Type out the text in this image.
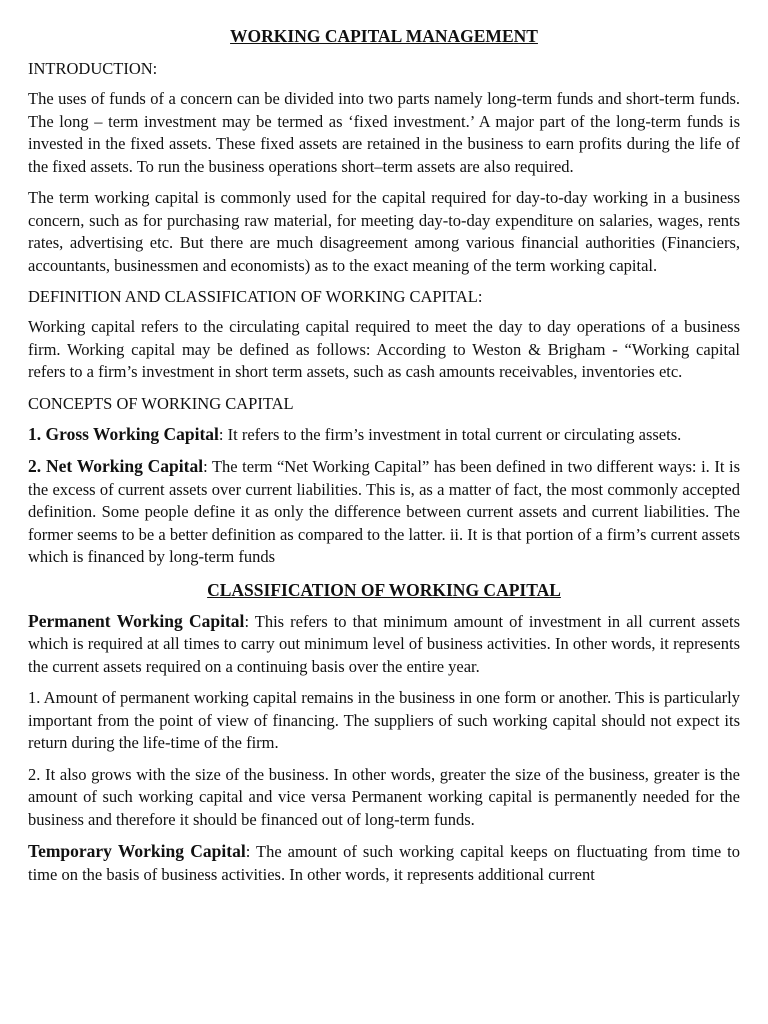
WORKING CAPITAL MANAGEMENT
INTRODUCTION:

The uses of funds of a concern can be divided into two parts namely long-term funds and short-term funds. The long – term investment may be termed as ‘fixed investment.’ A major part of the long-term funds is invested in the fixed assets. These fixed assets are retained in the business to earn profits during the life of the fixed assets. To run the business operations short–term assets are also required.

The term working capital is commonly used for the capital required for day-to-day working in a business concern, such as for purchasing raw material, for meeting day-to-day expenditure on salaries, wages, rents rates, advertising etc. But there are much disagreement among various financial authorities (Financiers, accountants, businessmen and economists) as to the exact meaning of the term working capital.

DEFINITION AND CLASSIFICATION OF WORKING CAPITAL:

Working capital refers to the circulating capital required to meet the day to day operations of a business firm. Working capital may be defined as follows: According to Weston & Brigham - “Working capital refers to a firm’s investment in short term assets, such as cash amounts receivables, inventories etc.

CONCEPTS OF WORKING CAPITAL

1. Gross Working Capital: It refers to the firm’s investment in total current or circulating assets.

2. Net Working Capital: The term “Net Working Capital” has been defined in two different ways: i. It is the excess of current assets over current liabilities. This is, as a matter of fact, the most commonly accepted definition. Some people define it as only the difference between current assets and current liabilities. The former seems to be a better definition as compared to the latter. ii. It is that portion of a firm’s current assets which is financed by long-term funds

CLASSIFICATION OF WORKING CAPITAL

Permanent Working Capital: This refers to that minimum amount of investment in all current assets which is required at all times to carry out minimum level of business activities. In other words, it represents the current assets required on a continuing basis over the entire year.

1. Amount of permanent working capital remains in the business in one form or another. This is particularly important from the point of view of financing. The suppliers of such working capital should not expect its return during the life-time of the firm.

2. It also grows with the size of the business. In other words, greater the size of the business, greater is the amount of such working capital and vice versa Permanent working capital is permanently needed for the business and therefore it should be financed out of long-term funds.

Temporary Working Capital: The amount of such working capital keeps on fluctuating from time to time on the basis of business activities. In other words, it represents additional current
